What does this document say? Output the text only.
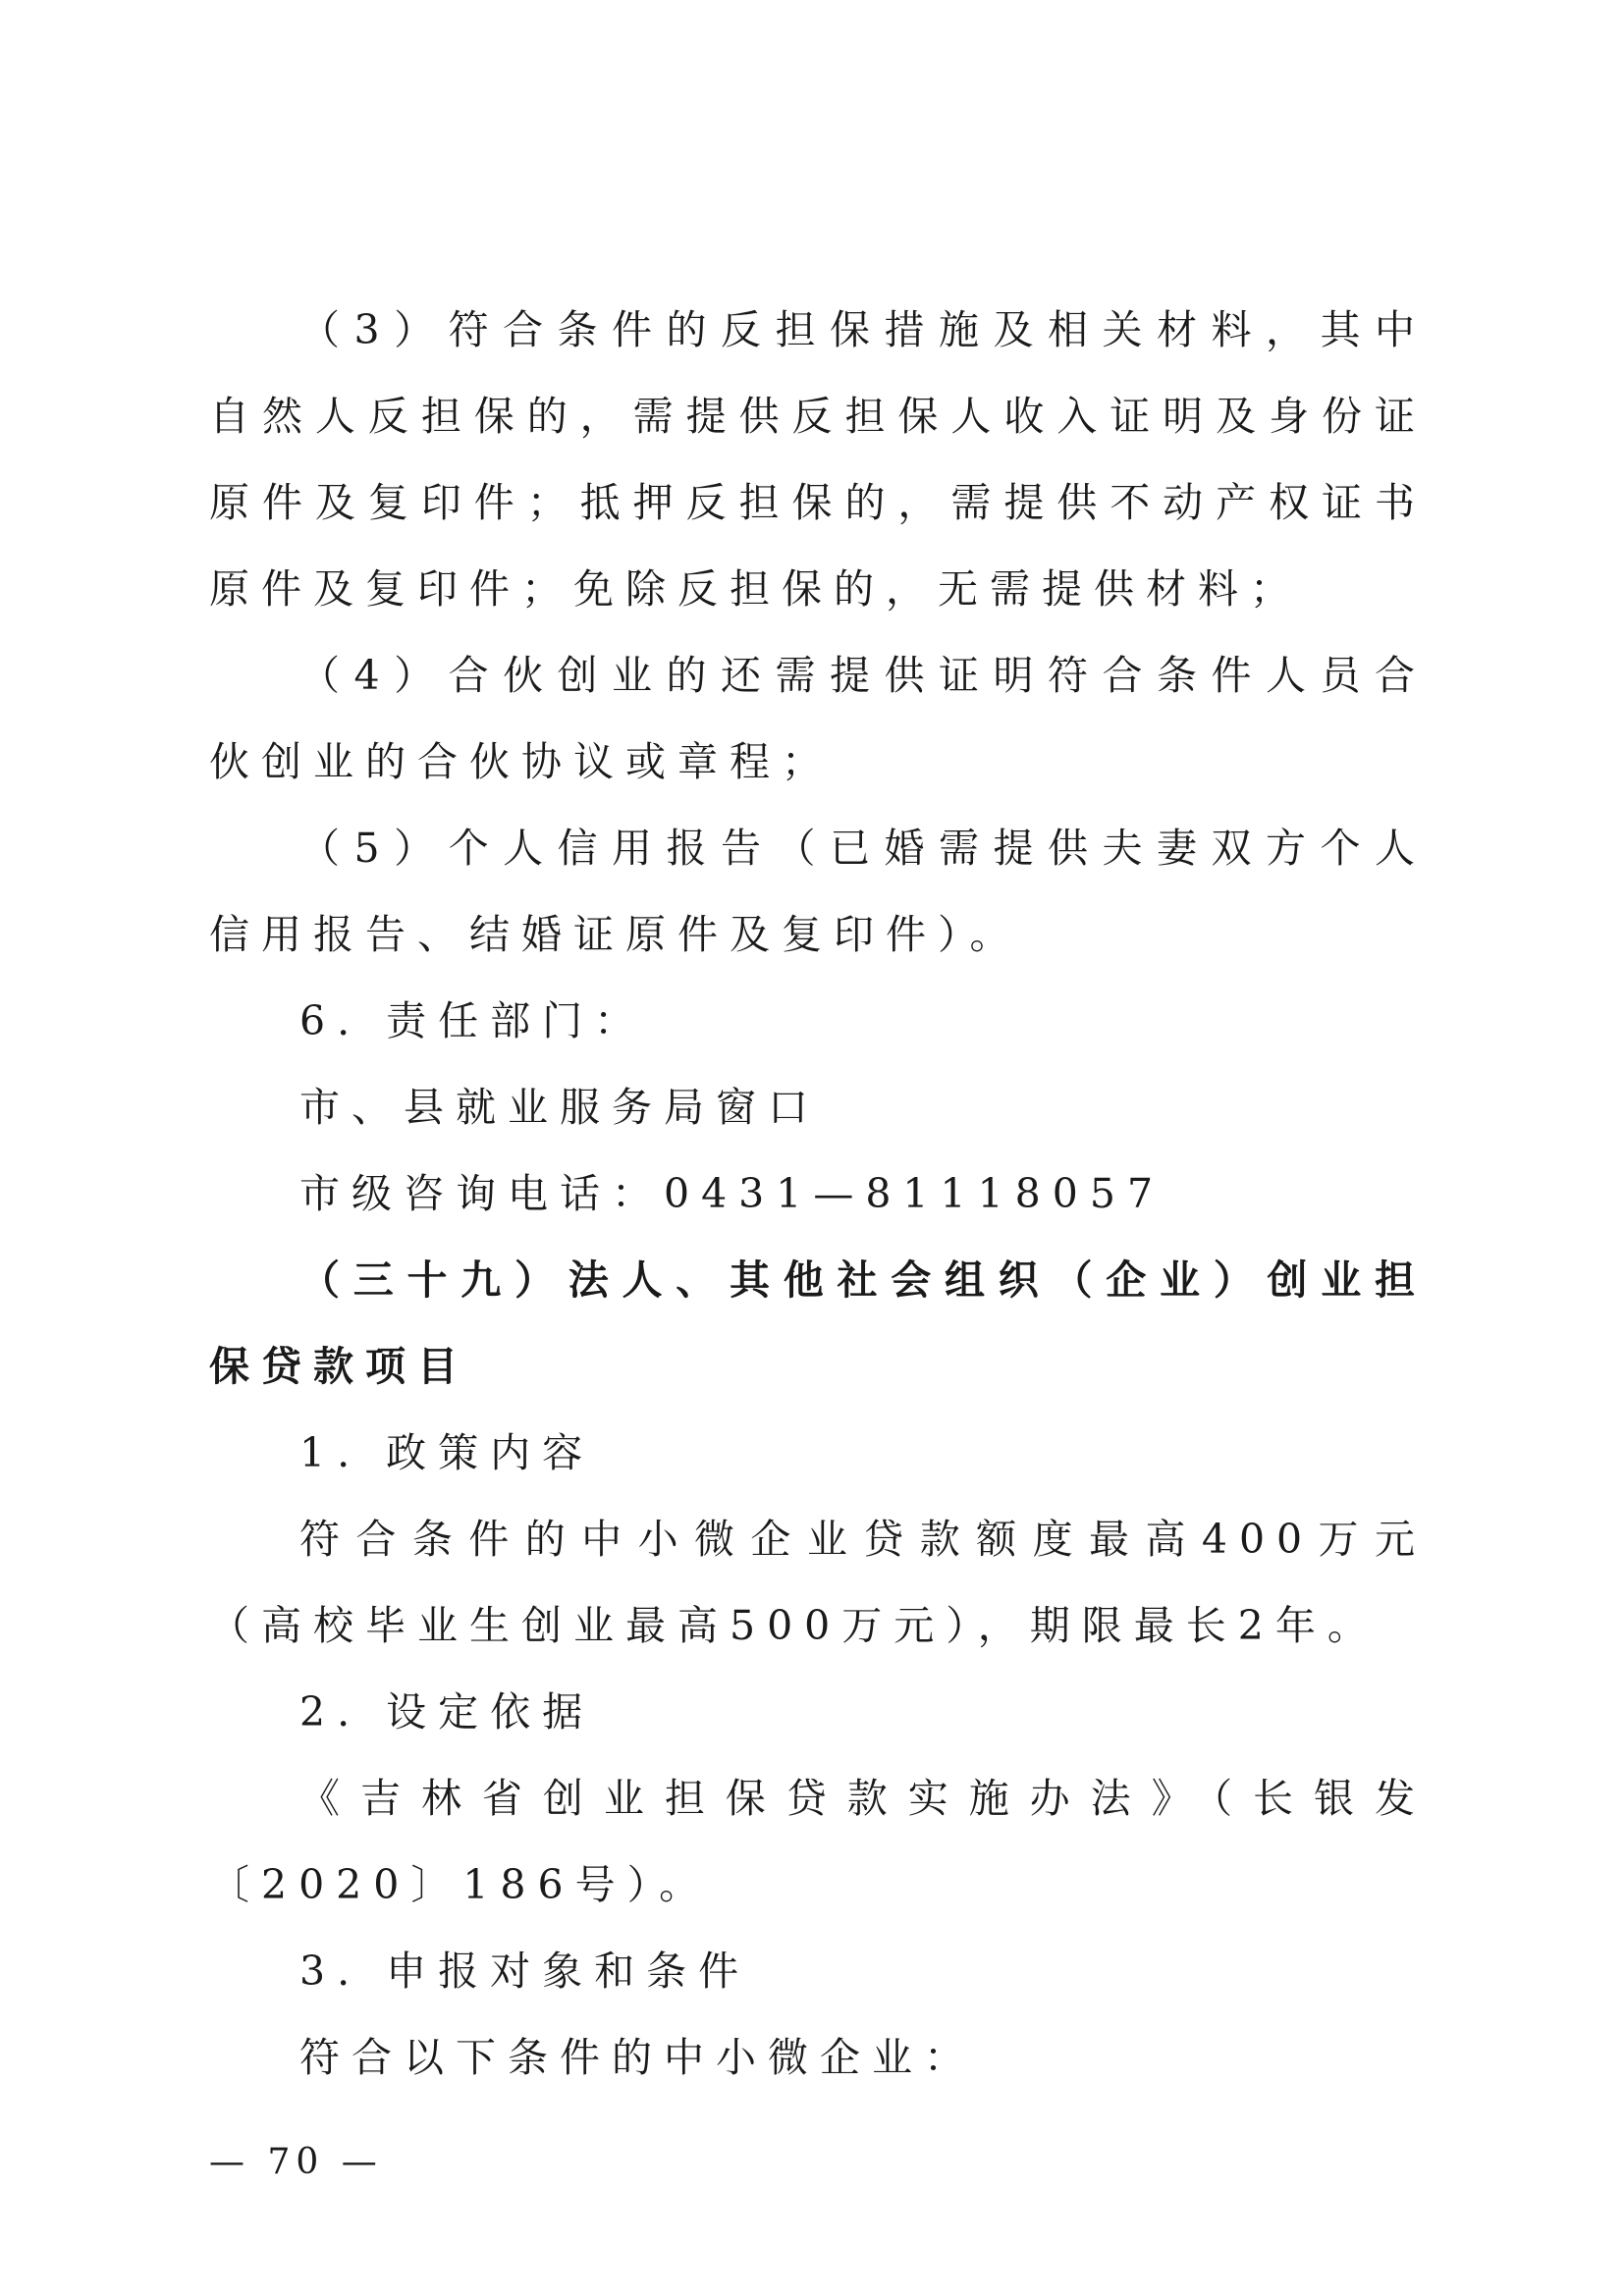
（3）符合条件的反担保措施及相关材料，其中自然人反担保的，需提供反担保人收入证明及身份证原件及复印件；抵押反担保的，需提供不动产权证书原件及复印件；免除反担保的，无需提供材料；

（4）合伙创业的还需提供证明符合条件人员合伙创业的合伙协议或章程；

（5）个人信用报告（已婚需提供夫妻双方个人信用报告、结婚证原件及复印件）。

6. 责任部门：

市、县就业服务局窗口

市级咨询电话：0431—81118057

（三十九）法人、其他社会组织（企业）创业担保贷款项目

1. 政策内容

符合条件的中小微企业贷款额度最高400万元（高校毕业生创业最高500万元），期限最长2年。

2. 设定依据

《吉林省创业担保贷款实施办法》（长银发〔2020〕186号）。

3. 申报对象和条件

符合以下条件的中小微企业：

— 70 —
